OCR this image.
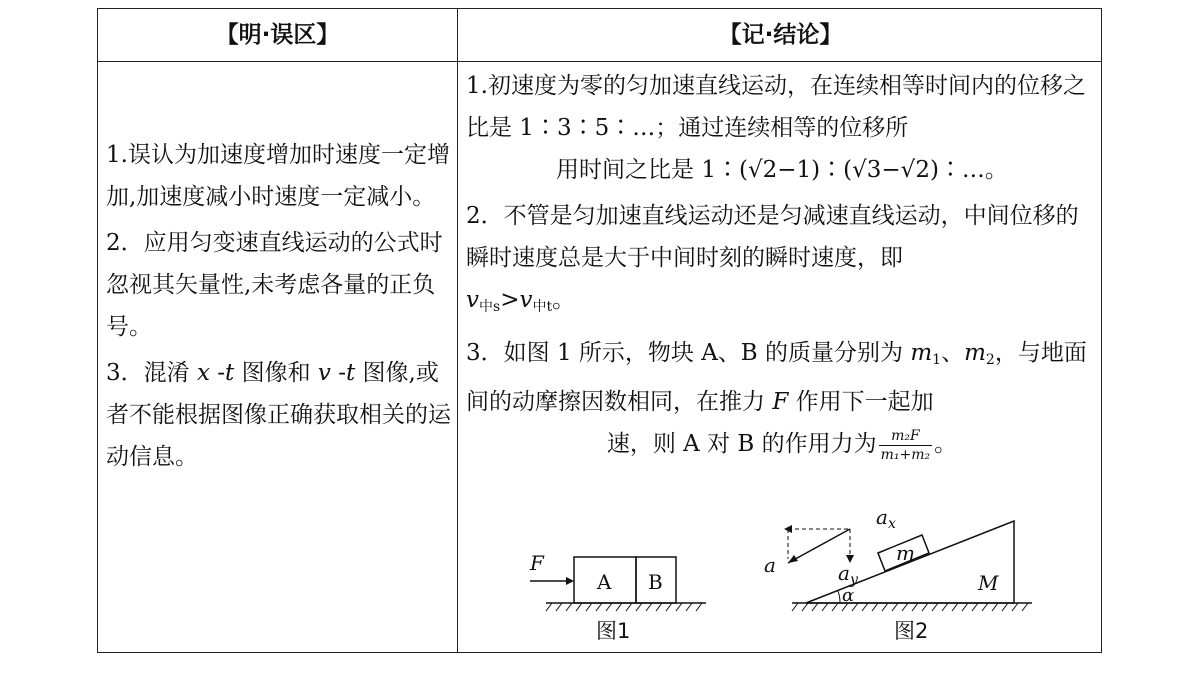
【明·误区】	【记·结论】

1.误认为加速度增加时速度一定增加,加速度减小时速度一定减小。

2．应用匀变速直线运动的公式时忽视其矢量性,未考虑各量的正负号。

3．混淆 x -t 图像和 v -t 图像,或者不能根据图像正确获取相关的运动信息。

1.初速度为零的匀加速直线运动，在连续相等时间内的位移之比是 1∶3∶5∶…；通过连续相等的位移所

用时间之比是 1∶(√2−1)∶(√3−√2)∶…。

2．不管是匀加速直线运动还是匀减速直线运动，中间位移的瞬时速度总是大于中间时刻的瞬时速度，即
$v_{中s}>v_{中t}$。

3．如图 1 所示，物块 A、B 的质量分别为 $m_1$、$m_2$，与地面间的动摩擦因数相同，在推力 F 作用下一起加

速，则 A 对 B 的作用力为 $\frac{\text{m₂F}}{\text{m₁+m₂}}$ 。

F
A B
图1
$a_x$
a	$a_y$
m
M
α
图2
